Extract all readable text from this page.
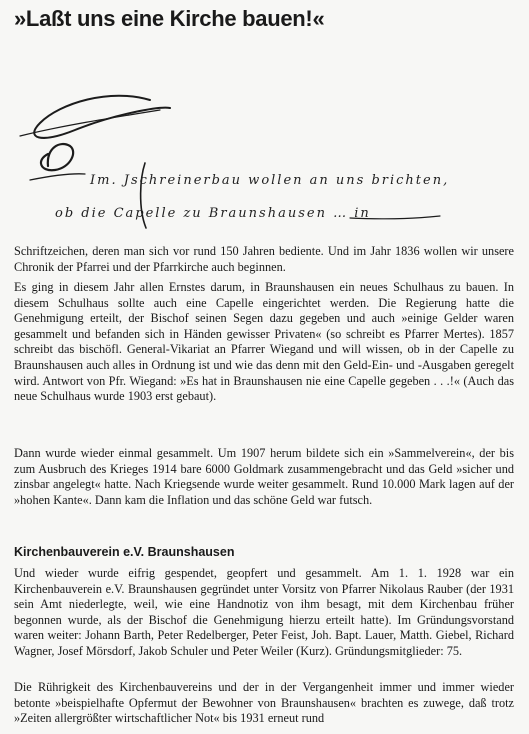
»Laßt uns eine Kirche bauen!«
Im. Jschreinerbau wollen an uns brichten,
ob die Capelle zu Braunshausen … in

Schriftzeichen, deren man sich vor rund 150 Jahren bediente. Und im Jahr 1836 wollen wir unsere Chronik der Pfarrei und der Pfarrkirche auch beginnen.

Es ging in diesem Jahr allen Ernstes darum, in Braunshausen ein neues Schulhaus zu bauen. In diesem Schulhaus sollte auch eine Capelle eingerichtet werden. Die Regierung hatte die Genehmigung erteilt, der Bischof seinen Segen dazu gegeben und auch »einige Gelder waren gesammelt und befanden sich in Händen gewisser Privaten« (so schreibt es Pfarrer Mertes). 1857 schreibt das bischöfl. General-Vikariat an Pfarrer Wiegand und will wissen, ob in der Capelle zu Braunshausen auch alles in Ordnung ist und wie das denn mit den Geld-Ein- und -Ausgaben geregelt wird. Antwort von Pfr. Wiegand: »Es hat in Braunshausen nie eine Capelle gegeben . . .!« (Auch das neue Schulhaus wurde 1903 erst gebaut).

Dann wurde wieder einmal gesammelt. Um 1907 herum bildete sich ein »Sammelverein«, der bis zum Ausbruch des Krieges 1914 bare 6000 Goldmark zusammengebracht und das Geld »sicher und zinsbar angelegt« hatte. Nach Kriegsende wurde weiter gesammelt. Rund 10.000 Mark lagen auf der »hohen Kante«. Dann kam die Inflation und das schöne Geld war futsch.

Kirchenbauverein e.V. Braunshausen

Und wieder wurde eifrig gespendet, geopfert und gesammelt. Am 1. 1. 1928 war ein Kirchenbauverein e.V. Braunshausen gegründet unter Vorsitz von Pfarrer Nikolaus Rauber (der 1931 sein Amt niederlegte, weil, wie eine Handnotiz von ihm besagt, mit dem Kirchenbau früher begonnen wurde, als der Bischof die Genehmigung hierzu erteilt hatte). Im Gründungsvorstand waren weiter: Johann Barth, Peter Redelberger, Peter Feist, Joh. Bapt. Lauer, Matth. Giebel, Richard Wagner, Josef Mörsdorf, Jakob Schuler und Peter Weiler (Kurz). Gründungsmitglieder: 75.

Die Rührigkeit des Kirchenbauvereins und der in der Vergangenheit immer und immer wieder betonte »beispielhafte Opfermut der Bewohner von Braunshausen« brachten es zuwege, daß trotz »Zeiten allergrößter wirtschaftlicher Not« bis 1931 erneut rund
